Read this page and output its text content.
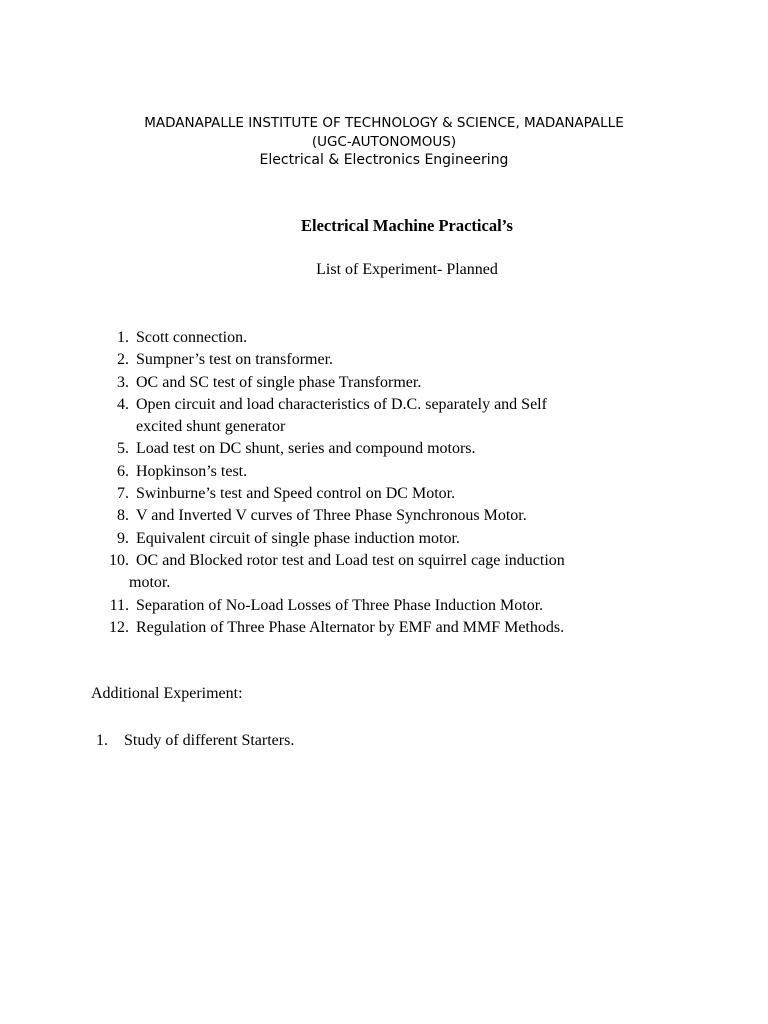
MADANAPALLE INSTITUTE OF TECHNOLOGY & SCIENCE, MADANAPALLE
(UGC-AUTONOMOUS)
Electrical & Electronics Engineering
Electrical Machine Practical’s
List of Experiment- Planned
1. Scott connection.
2. Sumpner’s test on transformer.
3. OC and SC test of single phase Transformer.
4. Open circuit and load characteristics of D.C. separately and Self
excited shunt generator
5. Load test on DC shunt, series and compound motors.
6. Hopkinson’s test.
7. Swinburne’s test and Speed control on DC Motor.
8. V and Inverted V curves of Three Phase Synchronous Motor.
9. Equivalent circuit of single phase induction motor.
10. OC and Blocked rotor test and Load test on squirrel cage induction
motor.
11. Separation of No-Load Losses of Three Phase Induction Motor.
12. Regulation of Three Phase Alternator by EMF and MMF Methods.
Additional Experiment:
1. Study of different Starters.
